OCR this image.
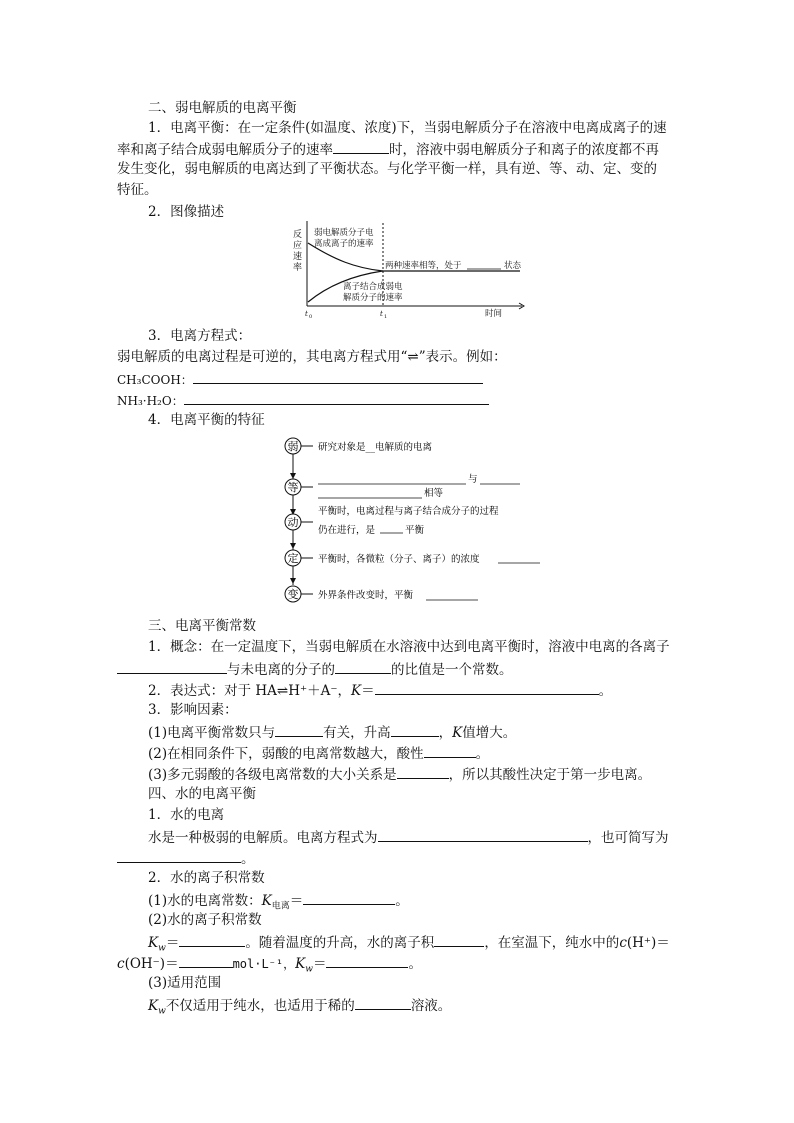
二、弱电解质的电离平衡
1．电离平衡：在一定条件(如温度、浓度)下，当弱电解质分子在溶液中电离成离子的速
率和离子结合成弱电解质分子的速率	时，溶液中弱电解质分子和离子的浓度都不再
发生变化，弱电解质的电离达到了平衡状态。与化学平衡一样，具有逆、等、动、定、变的
特征。
2．图像描述
反
应
速
率
弱电解质分子电
离成离子的速率
离子结合成弱电
解质分子的速率
两种速率相等，处于	状态
时间
t	t
0	1
3．电离方程式：
弱电解质的电离过程是可逆的，其电离方程式用“⇌”表示。例如：
CH₃COOH：
NH₃·H₂O：
4．电离平衡的特征
弱 研究对象是__电解质的电离
等
与
相等
动
平衡时，电离过程与离子结合成分子的过程
仍在进行，是	平衡
定 平衡时，各微粒（分子、离子）的浓度
变 外界条件改变时，平衡
三、电离平衡常数
1．概念：在一定温度下，当弱电解质在水溶液中达到电离平衡时，溶液中电离的各离子
与未电离的分子的	的比值是一个常数。
2．表达式：对于 HA⇌H⁺＋A⁻，K＝	。
3．影响因素：
(1)电离平衡常数只与	有关，升高	，K值增大。
(2)在相同条件下，弱酸的电离常数越大，酸性	。
(3)多元弱酸的各级电离常数的大小关系是	，所以其酸性决定于第一步电离。
四、水的电离平衡
1．水的电离
水是一种极弱的电解质。电离方程式为	，也可简写为
。
2．水的离子积常数
(1)水的电离常数：$K_{电离}=$	。
(2)水的离子积常数
$K_w=$	。随着温度的升高，水的离子积	，在室温下，纯水中的c(H⁺)＝
c(OH⁻)＝	mol·L⁻¹，$K_w=$	。
(3)适用范围
$K_w$不仅适用于纯水，也适用于稀的	溶液。
